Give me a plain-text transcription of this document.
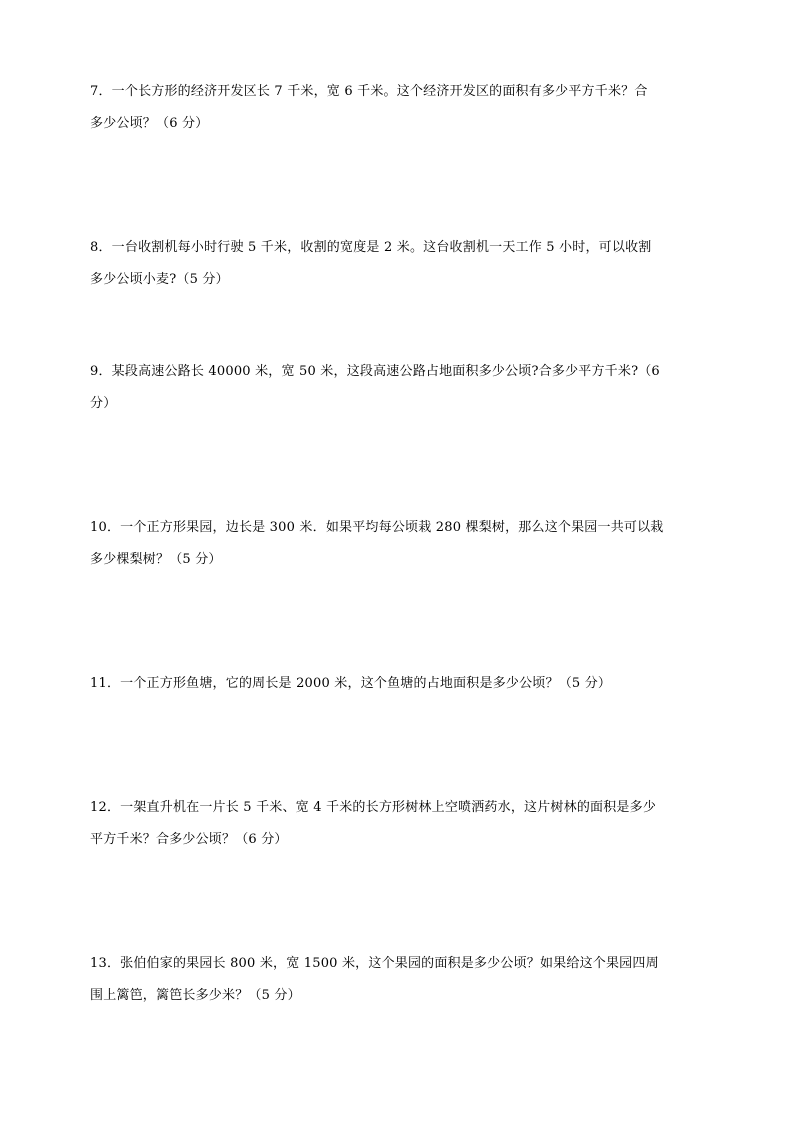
7．一个长方形的经济开发区长 7 千米，宽 6 千米。这个经济开发区的面积有多少平方千米？合

多少公顷？（6 分）

8．一台收割机每小时行驶 5 千米，收割的宽度是 2 米。这台收割机一天工作 5 小时，可以收割

多少公顷小麦?（5 分）

9．某段高速公路长 40000 米，宽 50 米，这段高速公路占地面积多少公顷?合多少平方千米?（6

分）

10．一个正方形果园，边长是 300 米．如果平均每公顷栽 280 棵梨树，那么这个果园一共可以栽

多少棵梨树？（5 分）

11．一个正方形鱼塘，它的周长是 2000 米，这个鱼塘的占地面积是多少公顷？（5 分）

12．一架直升机在一片长 5 千米、宽 4 千米的长方形树林上空喷洒药水，这片树林的面积是多少

平方千米？合多少公顷？（6 分）

13．张伯伯家的果园长 800 米，宽 1500 米，这个果园的面积是多少公顷？如果给这个果园四周

围上篱笆，篱笆长多少米？（5 分）
